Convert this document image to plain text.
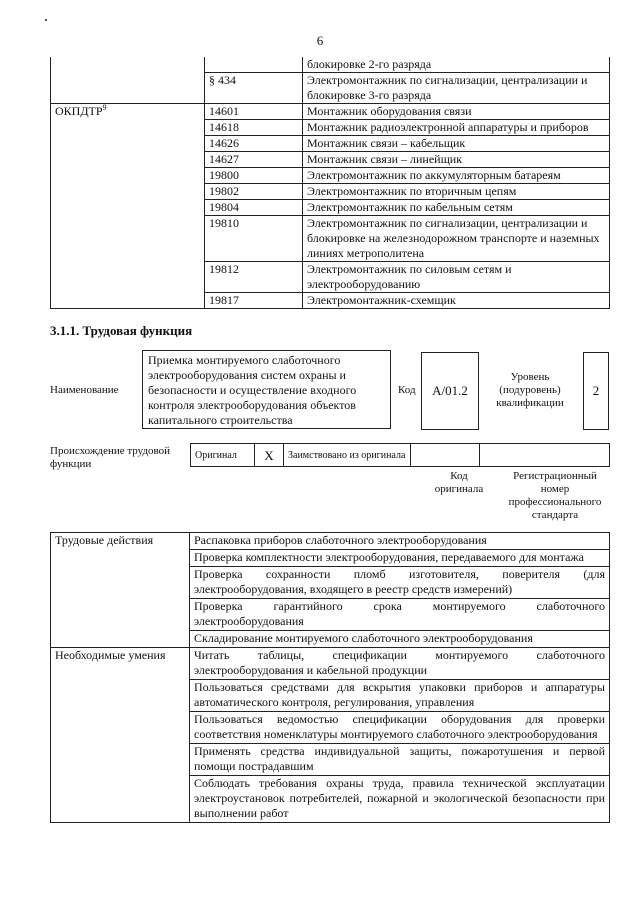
6
		блокировке 2-го разряда
	§ 434	Электромонтажник по сигнализации, централизации и блокировке 3-го разряда
ОКПДТР$^9$	14601	Монтажник оборудования связи
	14618	Монтажник радиоэлектронной аппаратуры и приборов
	14626	Монтажник связи – кабельщик
	14627	Монтажник связи – линейщик
	19800	Электромонтажник по аккумуляторным батареям
	19802	Электромонтажник по вторичным цепям
	19804	Электромонтажник по кабельным сетям
	19810	Электромонтажник по сигнализации, централизации и блокировке на железнодорожном транспорте и наземных линиях метрополитена
	19812	Электромонтажник по силовым сетям и электрооборудованию
	19817	Электромонтажник-схемщик
3.1.1. Трудовая функция
Наименование
Приемка монтируемого слаботочного электрооборудования систем охраны и безопасности и осуществление входного контроля электрооборудования объектов капитального строительства
Код	A/01.2
Уровень (подуровень) квалификации
2
Происхождение трудовой функции
Оригинал	X	Заимствовано из оригинала		
Код оригинала
Регистрационный номер профессионального стандарта
Трудовые действия	Распаковка приборов слаботочного электрооборудования
	Проверка комплектности электрооборудования, передаваемого для монтажа
	Проверка сохранности пломб изготовителя, поверителя (для электрооборудования, входящего в реестр средств измерений)
	Проверка гарантийного срока монтируемого слаботочного электрооборудования
	Складирование монтируемого слаботочного электрооборудования
Необходимые умения	Читать таблицы, спецификации монтируемого слаботочного электрооборудования и кабельной продукции
	Пользоваться средствами для вскрытия упаковки приборов и аппаратуры автоматического контроля, регулирования, управления
	Пользоваться ведомостью спецификации оборудования для проверки соответствия номенклатуры монтируемого слаботочного электрооборудования
	Применять средства индивидуальной защиты, пожаротушения и первой помощи пострадавшим
	Соблюдать требования охраны труда, правила технической эксплуатации электроустановок потребителей, пожарной и экологической безопасности при выполнении работ
